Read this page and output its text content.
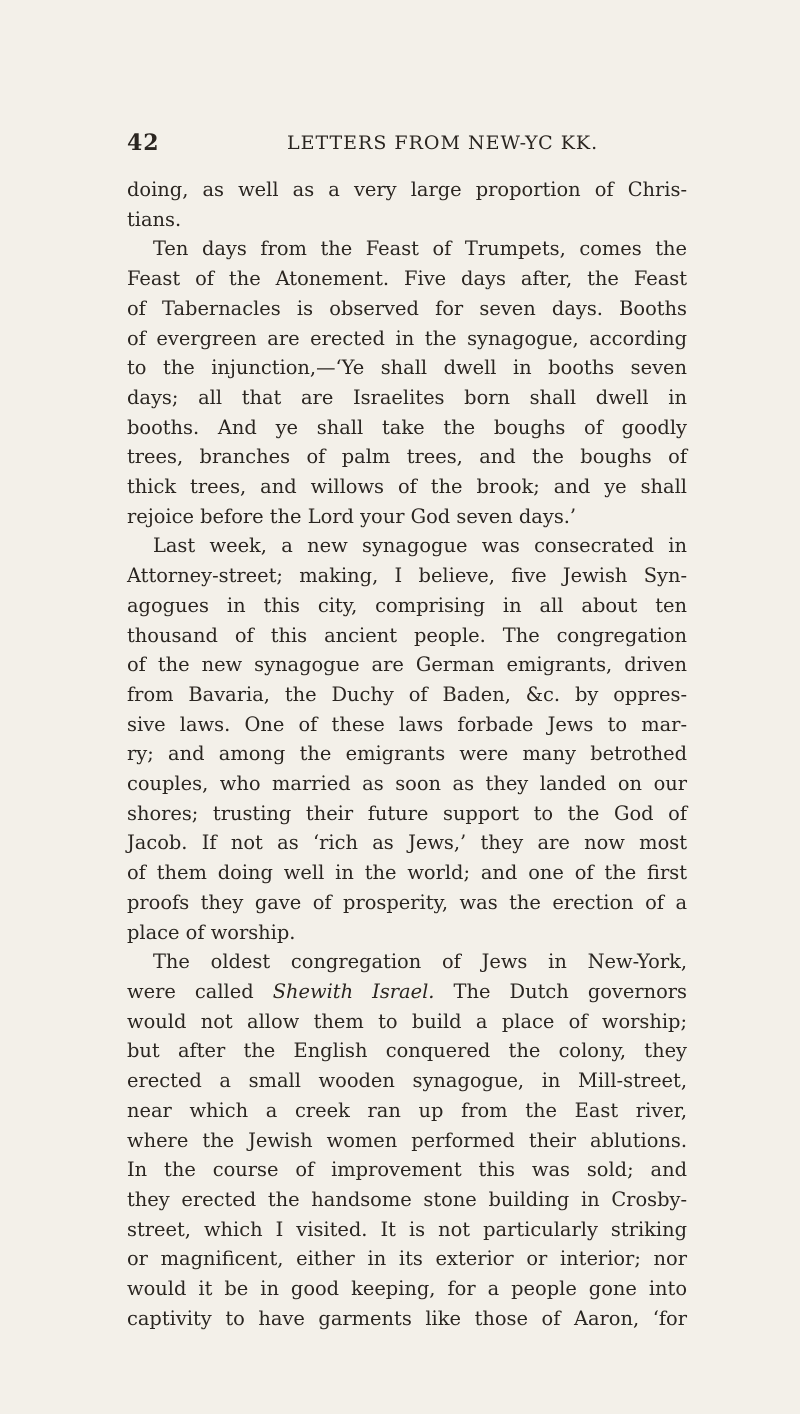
42	LETTERS FROM NEW-YC KK.
doing, as well as a very large proportion of Chris-
tians.
Ten days from the Feast of Trumpets, comes the
Feast of the Atonement. Five days after, the Feast
of Tabernacles is observed for seven days. Booths
of evergreen are erected in the synagogue, according
to the injunction,—‘Ye shall dwell in booths seven
days; all that are Israelites born shall dwell in
booths. And ye shall take the boughs of goodly
trees, branches of palm trees, and the boughs of
thick trees, and willows of the brook; and ye shall
rejoice before the Lord your God seven days.’
Last week, a new synagogue was consecrated in
Attorney-street; making, I believe, five Jewish Syn-
agogues in this city, comprising in all about ten
thousand of this ancient people. The congregation
of the new synagogue are German emigrants, driven
from Bavaria, the Duchy of Baden, &c. by oppres-
sive laws. One of these laws forbade Jews to mar-
ry; and among the emigrants were many betrothed
couples, who married as soon as they landed on our
shores; trusting their future support to the God of
Jacob. If not as ‘rich as Jews,’ they are now most
of them doing well in the world; and one of the first
proofs they gave of prosperity, was the erection of a
place of worship.
The oldest congregation of Jews in New-York,
were called Shewith Israel. The Dutch governors
would not allow them to build a place of worship;
but after the English conquered the colony, they
erected a small wooden synagogue, in Mill-street,
near which a creek ran up from the East river,
where the Jewish women performed their ablutions.
In the course of improvement this was sold; and
they erected the handsome stone building in Crosby-
street, which I visited. It is not particularly striking
or magnificent, either in its exterior or interior; nor
would it be in good keeping, for a people gone into
captivity to have garments like those of Aaron, ‘for
